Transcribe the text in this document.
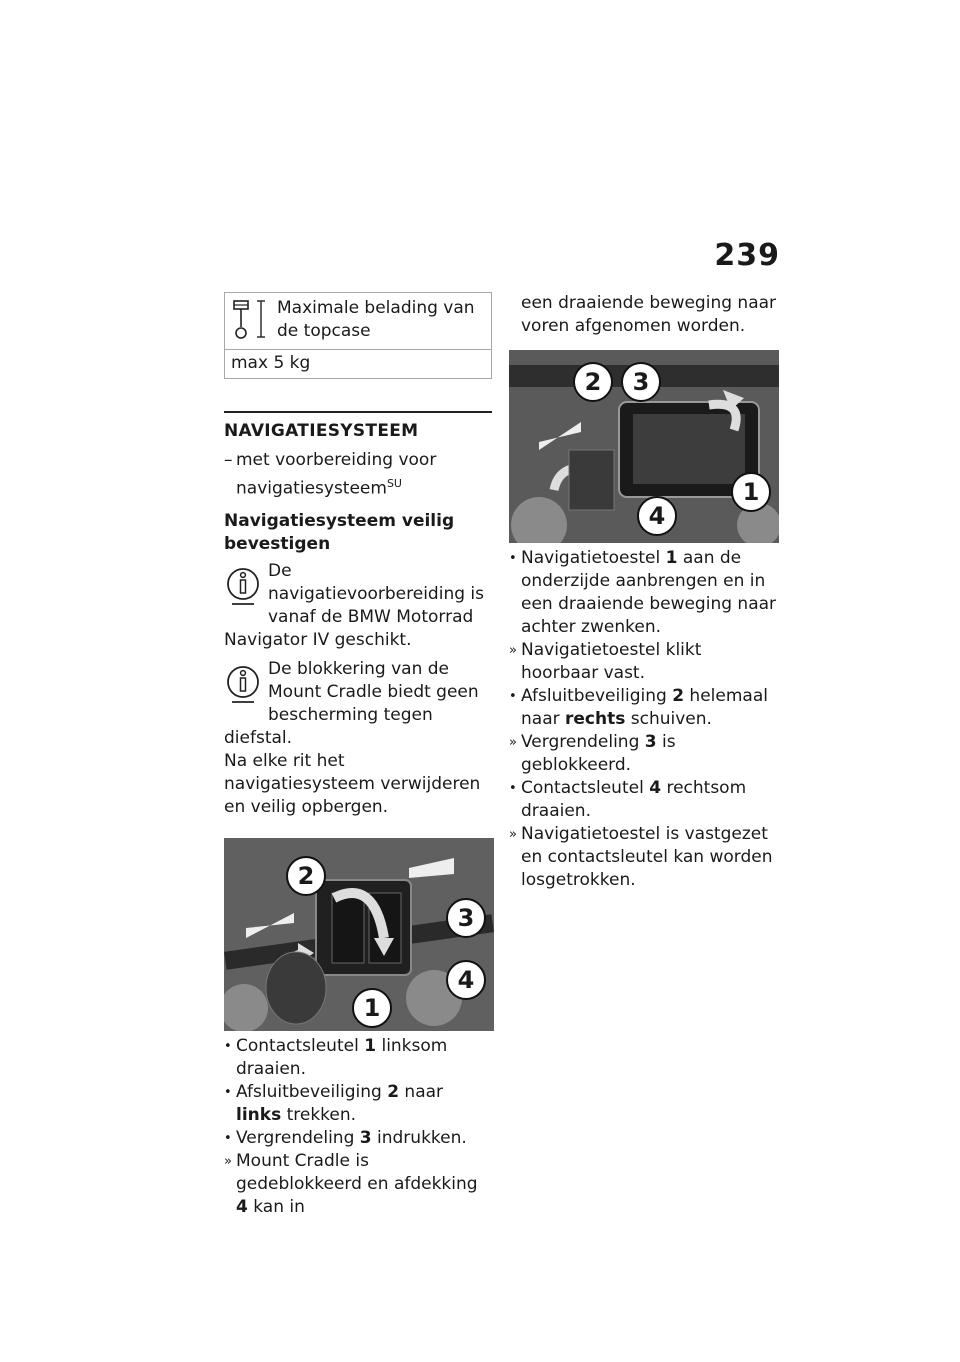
239
Maximale belading van de topcase
max 5 kg
NAVIGATIESYSTEEM
– met voorbereiding voor navigatiesysteem$^{SU}$
Navigatiesysteem veilig bevestigen
De navigatievoorbereiding is vanaf de BMW Motorrad Navigator IV geschikt.
De blokkering van de Mount Cradle biedt geen bescherming tegen diefstal.
Na elke rit het navigatiesysteem verwijderen en veilig opbergen.
2
3
4
1
• Contactsleutel 1 linksom draaien.
• Afsluitbeveiliging 2 naar links trekken.
• Vergrendeling 3 indrukken.
» Mount Cradle is gedeblokkeerd en afdekking 4 kan in
een draaiende beweging naar voren afgenomen worden.
2	3
1
4
• Navigatietoestel 1 aan de onderzijde aanbrengen en in een draaiende beweging naar achter zwenken.
» Navigatietoestel klikt hoorbaar vast.
• Afsluitbeveiliging 2 helemaal naar rechts schuiven.
» Vergrendeling 3 is geblokkeerd.
• Contactsleutel 4 rechtsom draaien.
» Navigatietoestel is vastgezet en contactsleutel kan worden losgetrokken.
